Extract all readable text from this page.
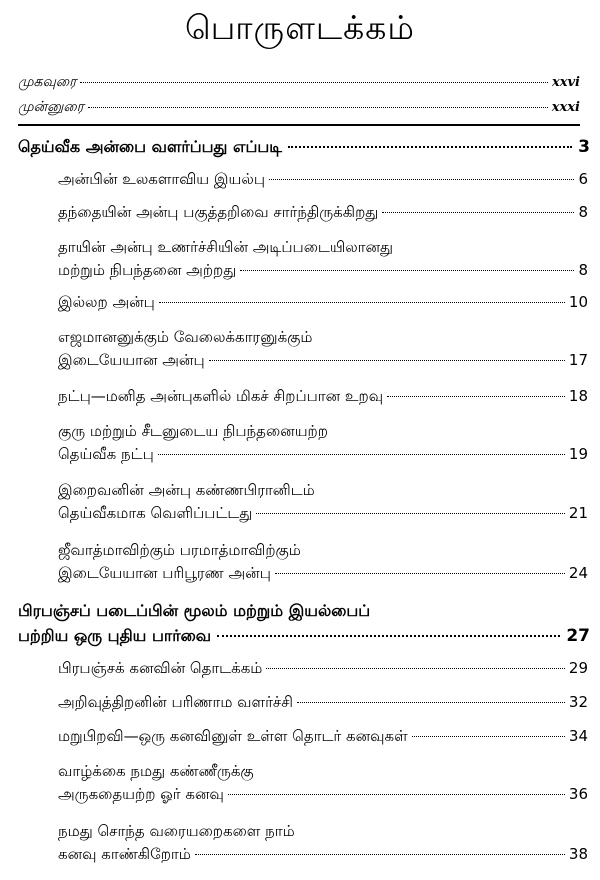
பொருளடக்கம்
முகவுரை	xxvi
முன்னுரை	xxxi
தெய்வீக அன்பை வளர்ப்பது எப்படி	3
அன்பின் உலகளாவிய இயல்பு	6
தந்தையின் அன்பு பகுத்தறிவை சார்ந்திருக்கிறது	8
தாயின் அன்பு உணர்ச்சியின் அடிப்படையிலானது
மற்றும் நிபந்தனை அற்றது	8
இல்லற அன்பு	10
எஜமானனுக்கும் வேலைக்காரனுக்கும்
இடையேயான அன்பு	17
நட்பு—மனித அன்புகளில் மிகச் சிறப்பான உறவு	18
குரு மற்றும் சீடனுடைய நிபந்தனையற்ற
தெய்வீக நட்பு	19
இறைவனின் அன்பு கண்ணபிரானிடம்
தெய்வீகமாக வெளிப்பட்டது	21
ஜீவாத்மாவிற்கும் பரமாத்மாவிற்கும்
இடையேயான பரிபூரண அன்பு	24
பிரபஞ்சப் படைப்பின் மூலம் மற்றும் இயல்பைப்
பற்றிய ஒரு புதிய பார்வை	27
பிரபஞ்சக் கனவின் தொடக்கம்	29
அறிவுத்திறனின் பரிணாம வளர்ச்சி	32
மறுபிறவி—ஒரு கனவினுள் உள்ள தொடர் கனவுகள்	34
வாழ்க்கை நமது கண்ணீருக்கு
அருகதையற்ற ஓர் கனவு	36
நமது சொந்த வரையறைகளை நாம்
கனவு காண்கிறோம்	38
